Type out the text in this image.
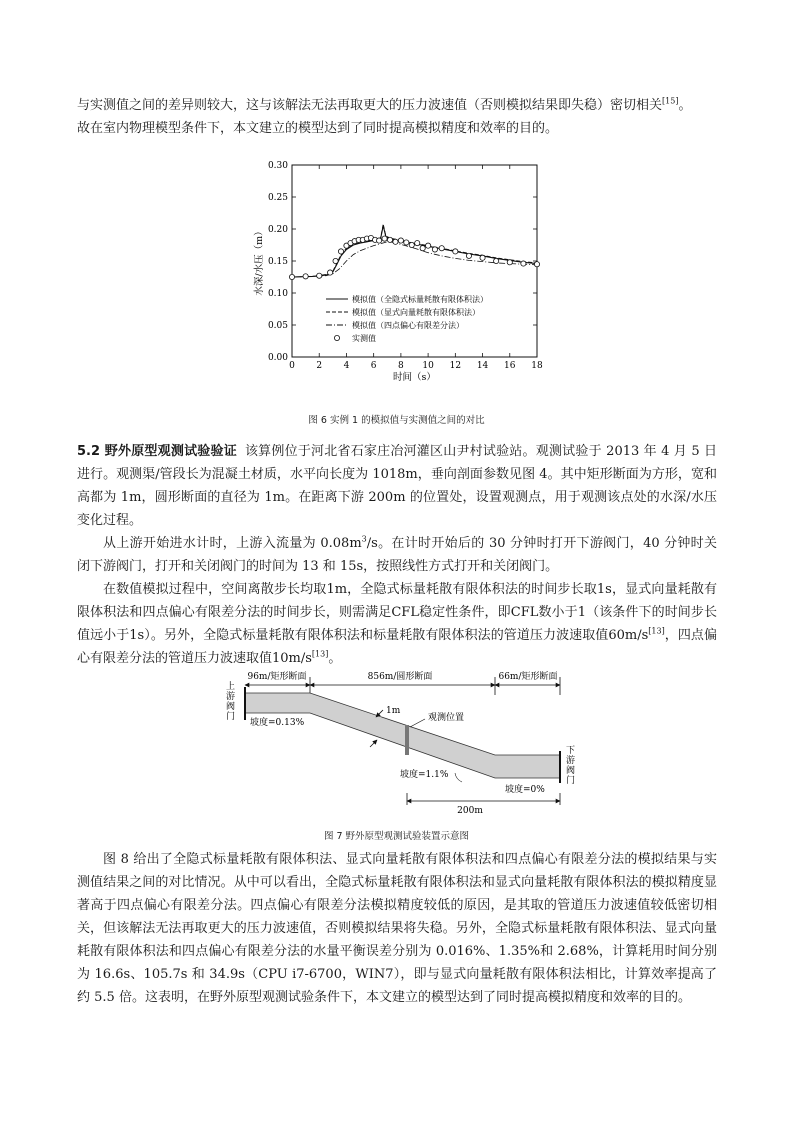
与实测值之间的差异则较大，这与该解法无法再取更大的压力波速值（否则模拟结果即失稳）密切相关[15]。
故在室内物理模型条件下，本文建立的模型达到了同时提高模拟精度和效率的目的。

0 2 4 6 8 10 12 14 16 18
0.00
0.05
0.10
0.15
0.20
0.25
0.30
时间（s）
水深/水压（m）
模拟值（全隐式标量耗散有限体积法）
模拟值（显式向量耗散有限体积法）
模拟值（四点偏心有限差分法）
实测值

图 6 实例 1 的模拟值与实测值之间的对比

5.2 野外原型观测试验验证 该算例位于河北省石家庄冶河灌区山尹村试验站。观测试验于 2013 年 4 月 5 日进行。观测渠/管段长为混凝土材质，水平向长度为 1018m，垂向剖面参数见图 4。其中矩形断面为方形，宽和高都为 1m，圆形断面的直径为 1m。在距离下游 200m 的位置处，设置观测点，用于观测该点处的水深/水压变化过程。

从上游开始进水计时，上游入流量为 $0.08m^3/s$。在计时开始后的 30 分钟时打开下游阀门，40 分钟时关闭下游阀门，打开和关闭阀门的时间为 13 和 15s，按照线性方式打开和关闭阀门。

在数值模拟过程中，空间离散步长均取1m，全隐式标量耗散有限体积法的时间步长取1s，显式向量耗散有限体积法和四点偏心有限差分法的时间步长，则需满足CFL稳定性条件，即CFL数小于1（该条件下的时间步长值远小于1s）。另外，全隐式标量耗散有限体积法和标量耗散有限体积法的管道压力波速取值60m/s[13]，四点偏心有限差分法的管道压力波速取值10m/s[13]。

96m/矩形断面	856m/圆形断面	66m/矩形断面
观测位置
1m
上游阀门
下游阀门
坡度=0.13%
坡度=1.1%
坡度=0%
200m

图 7 野外原型观测试验装置示意图

图 8 给出了全隐式标量耗散有限体积法、显式向量耗散有限体积法和四点偏心有限差分法的模拟结果与实测值结果之间的对比情况。从中可以看出，全隐式标量耗散有限体积法和显式向量耗散有限体积法的模拟精度显著高于四点偏心有限差分法。四点偏心有限差分法模拟精度较低的原因，是其取的管道压力波速值较低密切相关，但该解法无法再取更大的压力波速值，否则模拟结果将失稳。另外，全隐式标量耗散有限体积法、显式向量耗散有限体积法和四点偏心有限差分法的水量平衡误差分别为 0.016%、1.35%和 2.68%，计算耗用时间分别为 16.6s、105.7s 和 34.9s（CPU i7-6700，WIN7），即与显式向量耗散有限体积法相比，计算效率提高了约 5.5 倍。这表明，在野外原型观测试验条件下，本文建立的模型达到了同时提高模拟精度和效率的目的。
